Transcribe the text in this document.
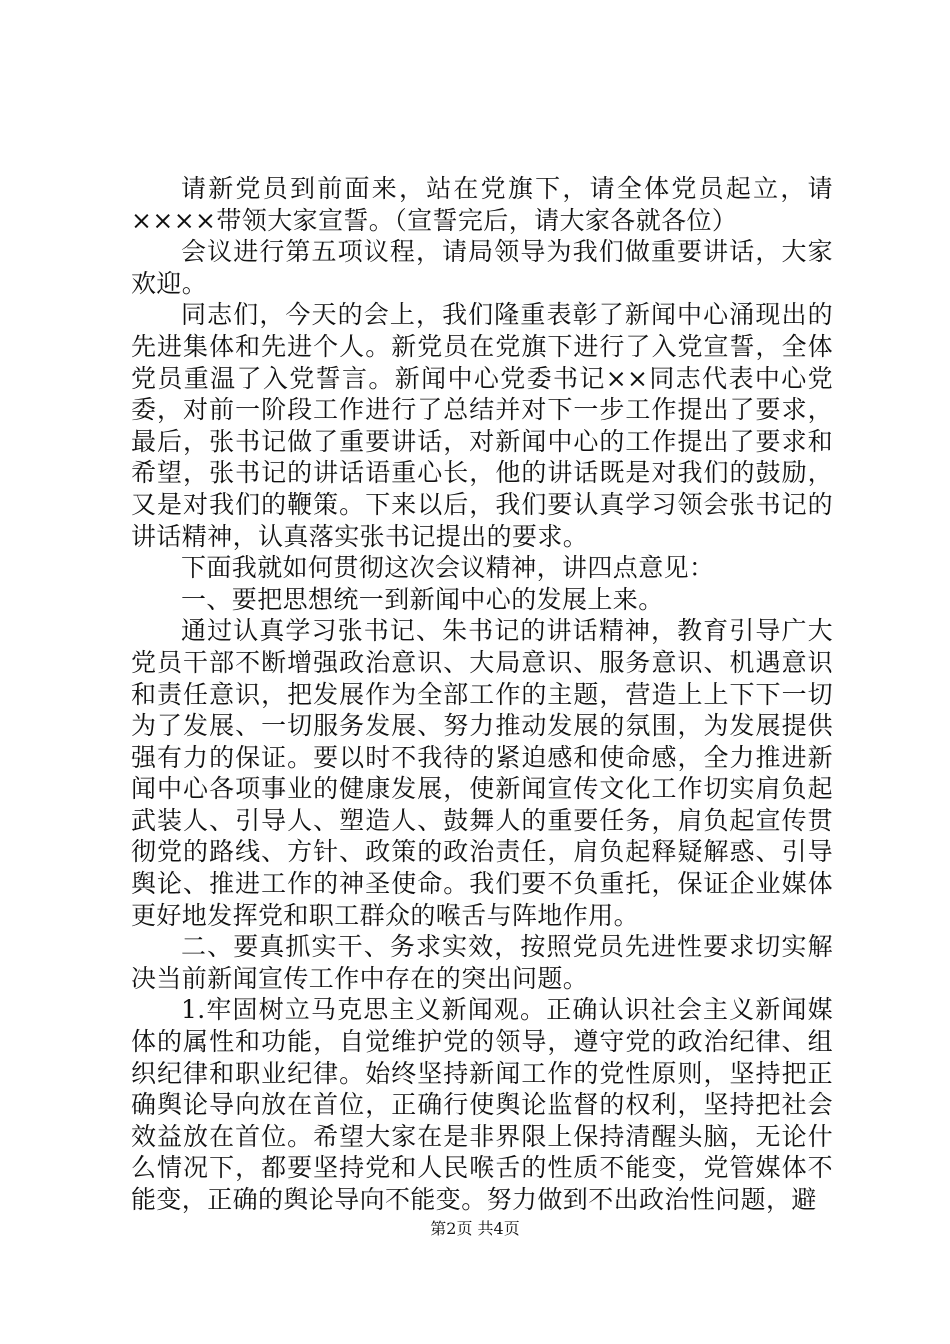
请新党员到前面来，站在党旗下，请全体党员起立，请××××带领大家宣誓。（宣誓完后，请大家各就各位）

会议进行第五项议程，请局领导为我们做重要讲话，大家欢迎。

同志们，今天的会上，我们隆重表彰了新闻中心涌现出的先进集体和先进个人。新党员在党旗下进行了入党宣誓，全体党员重温了入党誓言。新闻中心党委书记××同志代表中心党委，对前一阶段工作进行了总结并对下一步工作提出了要求，最后，张书记做了重要讲话，对新闻中心的工作提出了要求和希望，张书记的讲话语重心长，他的讲话既是对我们的鼓励，又是对我们的鞭策。下来以后，我们要认真学习领会张书记的讲话精神，认真落实张书记提出的要求。

下面我就如何贯彻这次会议精神，讲四点意见：

一、要把思想统一到新闻中心的发展上来。

通过认真学习张书记、朱书记的讲话精神，教育引导广大党员干部不断增强政治意识、大局意识、服务意识、机遇意识和责任意识，把发展作为全部工作的主题，营造上上下下一切为了发展、一切服务发展、努力推动发展的氛围，为发展提供强有力的保证。要以时不我待的紧迫感和使命感，全力推进新闻中心各项事业的健康发展，使新闻宣传文化工作切实肩负起武装人、引导人、塑造人、鼓舞人的重要任务，肩负起宣传贯彻党的路线、方针、政策的政治责任，肩负起释疑解惑、引导舆论、推进工作的神圣使命。我们要不负重托，保证企业媒体更好地发挥党和职工群众的喉舌与阵地作用。

二、要真抓实干、务求实效，按照党员先进性要求切实解决当前新闻宣传工作中存在的突出问题。

1.牢固树立马克思主义新闻观。正确认识社会主义新闻媒体的属性和功能，自觉维护党的领导，遵守党的政治纪律、组织纪律和职业纪律。始终坚持新闻工作的党性原则，坚持把正确舆论导向放在首位，正确行使舆论监督的权利，坚持把社会效益放在首位。希望大家在是非界限上保持清醒头脑，无论什么情况下，都要坚持党和人民喉舌的性质不能变，党管媒体不能变，正确的舆论导向不能变。努力做到不出政治性问题，避

第2页 共4页
